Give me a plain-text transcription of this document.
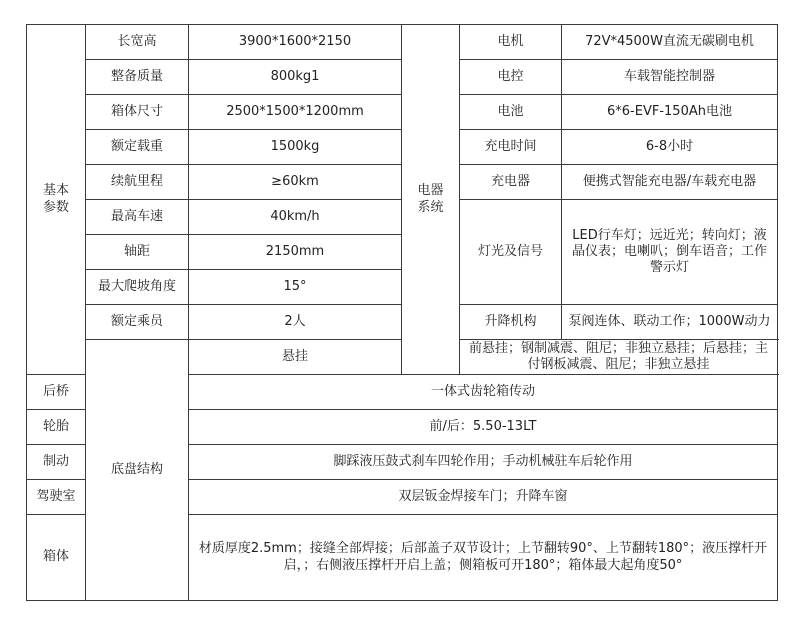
基本参数	长宽高	3900*1600*2150	电器系统	电机	72V*4500W直流无碳刷电机
	整备质量	800kg1		电控	车载智能控制器
	箱体尺寸	2500*1500*1200mm		电池	6*6-EVF-150Ah电池
	额定载重	1500kg		充电时间	6-8小时
	续航里程	≥60km		充电器	便携式智能充电器/车载充电器
	最高车速	40km/h		灯光及信号	LED行车灯；远近光；转向灯；液晶仪表；电喇叭；倒车语音；工作警示灯
	轴距	2150mm			
	最大爬坡角度	15°			
	额定乘员	2人		升降机构	泵阀连体、联动工作；1000W动力
	底盘结构	悬挂		前悬挂；钢制减震、阻尼；非独立悬挂；后悬挂；主付钢板减震、阻尼；非独立悬挂	
后桥		一体式齿轮箱传动			
轮胎		前/后：5.50-13LT			
制动		脚踩液压鼓式刹车四轮作用；手动机械驻车后轮作用			
驾驶室		双层钣金焊接车门；升降车窗			
箱体		材质厚度2.5mm；接缝全部焊接；后部盖子双节设计；上节翻转90°、上节翻转180°；液压撑杆开启，；右侧液压撑杆开启上盖；侧箱板可开180°；箱体最大起角度50°			
